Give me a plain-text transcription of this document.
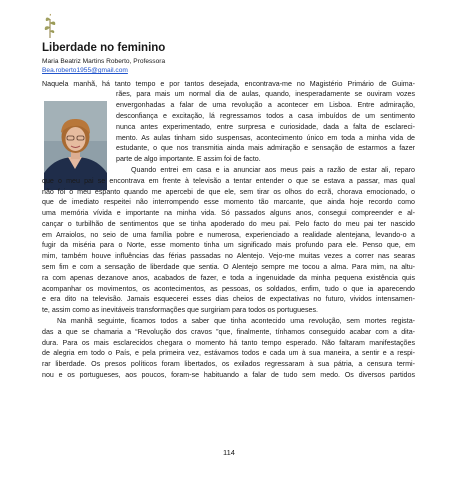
Liberdade no feminino
Maria Beatriz Martins Roberto, Professora
Bea.roberto1955@gmail.com
Naquela manhã, há tanto tempo e por tantos desejada, encontrava-me no Magistério Primário de Guima-
rães, para mais um normal dia de aulas, quando, inesperadamente se ouviram vozes
envergonhadas a falar de uma revolução a acontecer em Lisboa. Entre admiração,
desconfiança e excitação, lá regressamos todos a casa imbuídos de um sentimento
nunca antes experimentado, entre surpresa e curiosidade, dada a falta de esclareci-
mento. As aulas tinham sido suspensas, acontecimento único em toda a minha vida de
estudante, o que nos transmitia ainda mais admiração e sensação de estarmos a fazer
parte de algo importante. E assim foi de facto.
Quando entrei em casa e ia anunciar aos meus pais a razão de estar ali, reparo
que o meu pai se encontrava em frente à televisão a tentar entender o que se estava a passar, mas qual
não foi o meu espanto quando me apercebi de que ele, sem tirar os olhos do ecrã, chorava emocionado, o
que de imediato respeitei não interrompendo esse momento tão marcante, que ainda hoje recordo como
uma memória vívida e importante na minha vida. Só passados alguns anos, consegui compreender e al-
cançar o turbilhão de sentimentos que se tinha apoderado do meu pai. Pelo facto do meu pai ter nascido
em Arraiolos, no seio de uma família pobre e numerosa, experienciado a realidade alentejana, levando-o a
fugir da miséria para o Norte, esse momento tinha um significado mais profundo para ele. Penso que, em
mim, também houve influências das férias passadas no Alentejo. Vejo-me muitas vezes a correr nas searas
sem fim e com a sensação de liberdade que sentia. O Alentejo sempre me tocou a alma. Para mim, na altu-
ra com apenas dezanove anos, acabados de fazer, e toda a ingenuidade da minha pequena existência quis
acompanhar os movimentos, os acontecimentos, as pessoas, os soldados, enfim, tudo o que ia aparecendo
e era dito na televisão. Jamais esquecerei esses dias cheios de expectativas no futuro, vividos intensamen-
te, assim como as inevitáveis transformações que surgiriam para todos os portugueses.
Na manhã seguinte, ficamos todos a saber que tinha acontecido uma revolução, sem mortes regista-
das a que se chamaria a “Revolução dos cravos ”que, finalmente, tínhamos conseguido acabar com a dita-
dura. Para os mais esclarecidos chegara o momento há tanto tempo esperado. Não faltaram manifestações
de alegria em todo o País, e pela primeira vez, estávamos todos e cada um à sua maneira, a sentir e a respi-
rar liberdade. Os presos políticos foram libertados, os exilados regressaram à sua pátria, a censura termi-
nou e os portugueses, aos poucos, foram-se habituando a falar de tudo sem medo. Os diversos partidos
114
